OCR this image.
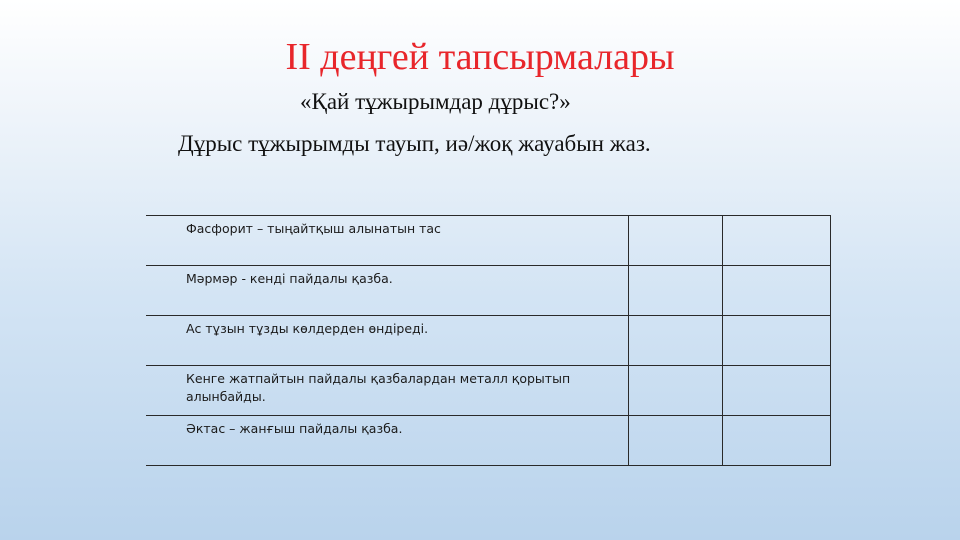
II деңгей тапсырмалары

«Қай тұжырымдар дұрыс?»

Дұрыс тұжырымды тауып, иә/жоқ жауабын жаз.

Фасфорит – тыңайтқыш алынатын тас		
Мәрмәр - кенді пайдалы қазба.		
Ас тұзын тұзды көлдерден өндіреді.		
Кенге жатпайтын пайдалы қазбалардан металл қорытып алынбайды.		
Әктас – жанғыш пайдалы қазба.		
